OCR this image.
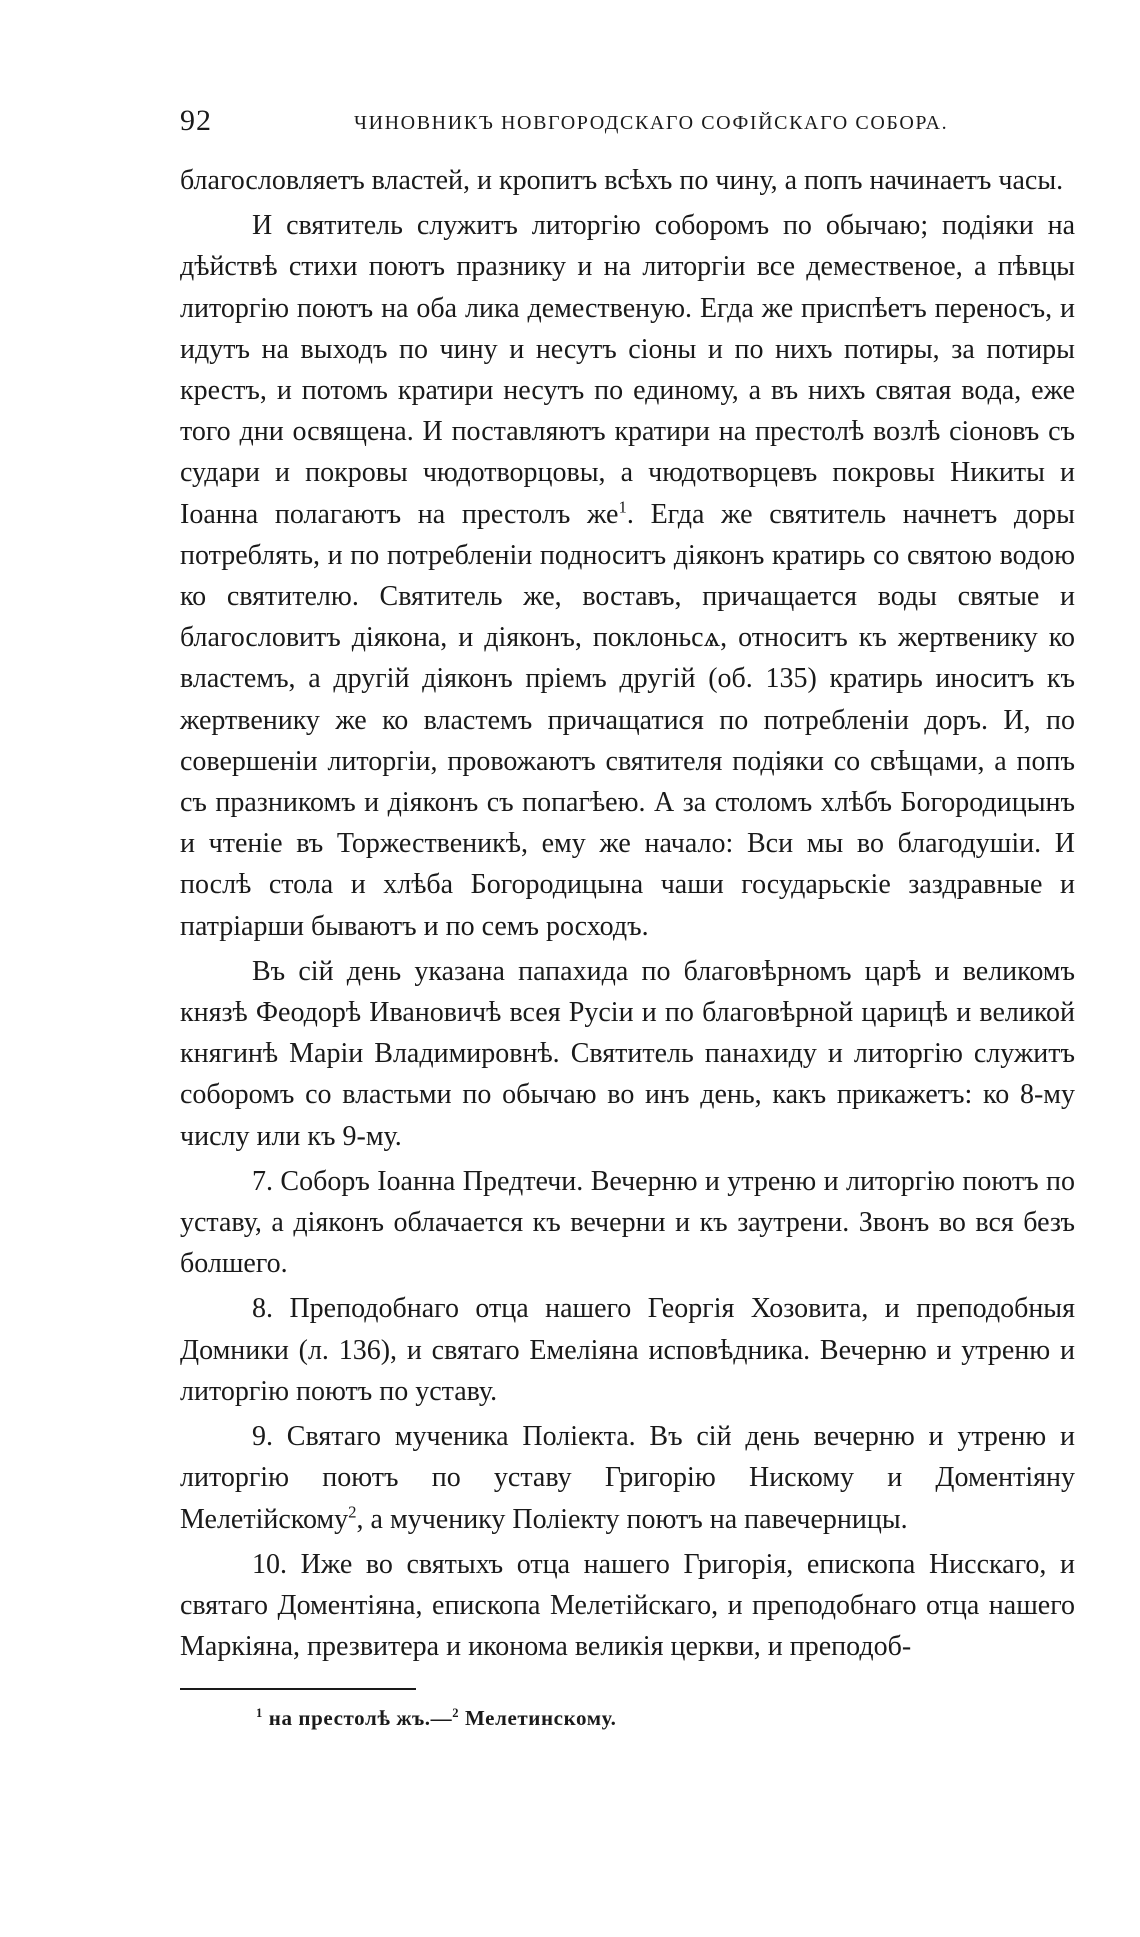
92	ЧИНОВНИКЪ НОВГОРОДСКАГО СОФІЙСКАГО СОБОРА.

благословляетъ властей, и кропитъ всѣхъ по чину, а попъ начинаетъ часы.

И святитель служитъ литоргію соборомъ по обычаю; подіяки на дѣйствѣ стихи поютъ празнику и на литоргіи все демественое, а пѣвцы литоргію поютъ на оба лика демественую. Егда же приспѣетъ переносъ, и идутъ на выходъ по чину и несутъ сіоны и по нихъ потиры, за потиры крестъ, и потомъ кратири несутъ по единому, а въ нихъ святая вода, еже того дни освящена. И поставляютъ кратири на престолѣ возлѣ сіоновъ съ судари и покровы чюдотворцовы, а чюдотворцевъ покровы Никиты и Іоанна полагаютъ на престолъ $же^1$. Егда же святитель начнетъ доры потреблять, и по потребленіи подноситъ діяконъ кратирь со святою водою ко святителю. Святитель же, воставъ, причащается воды святые и благословитъ діякона, и діяконъ, поклоньсѧ, относитъ къ жертвенику ко властемъ, а другій діяконъ пріемъ другій (об. 135) кратирь иноситъ къ жертвенику же ко властемъ причащатися по потребленіи доръ. И, по совершеніи литоргіи, провожаютъ святителя подіяки со свѣщами, а попъ съ празникомъ и діяконъ съ попагѣею. А за столомъ хлѣбъ Богородицынъ и чтеніе въ Торжественикѣ, ему же начало: Вси мы во благодушіи. И послѣ стола и хлѣба Богородицына чаши государьскіе заздравные и патріарши бываютъ и по семъ росходъ.

Въ сій день указана папахида по благовѣрномъ царѣ и великомъ князѣ Феодорѣ Ивановичѣ всея Русіи и по благовѣрной царицѣ и великой княгинѣ Маріи Владимировнѣ. Святитель панахиду и литоргію служитъ соборомъ со властьми по обычаю во инъ день, какъ прикажетъ: ко 8-му числу или къ 9-му.

7. Соборъ Іоанна Предтечи. Вечерню и утреню и литоргію поютъ по уставу, а діяконъ облачается къ вечерни и къ заутрени. Звонъ во вся безъ болшего.

8. Преподобнаго отца нашего Георгія Хозовита, и преподобныя Домники (л. 136), и святаго Емеліяна исповѣдника. Вечерню и утреню и литоргію поютъ по уставу.

9. Святаго мученика Поліекта. Въ сій день вечерню и утреню и литоргію поютъ по уставу Григорію Нискому и Доментіяну Мелетійскому$^2$, а мученику Поліекту поютъ на павечерницы.

10. Иже во святыхъ отца нашего Григорія, епископа Нисскаго, и святаго Доментіяна, епископа Мелетійскаго, и преподобнаго отца нашего Маркіяна, презвитера и икономa великія церкви, и преподоб-

$^1$ на престолѣ жъ.—$^2$ Мелетинскому.
